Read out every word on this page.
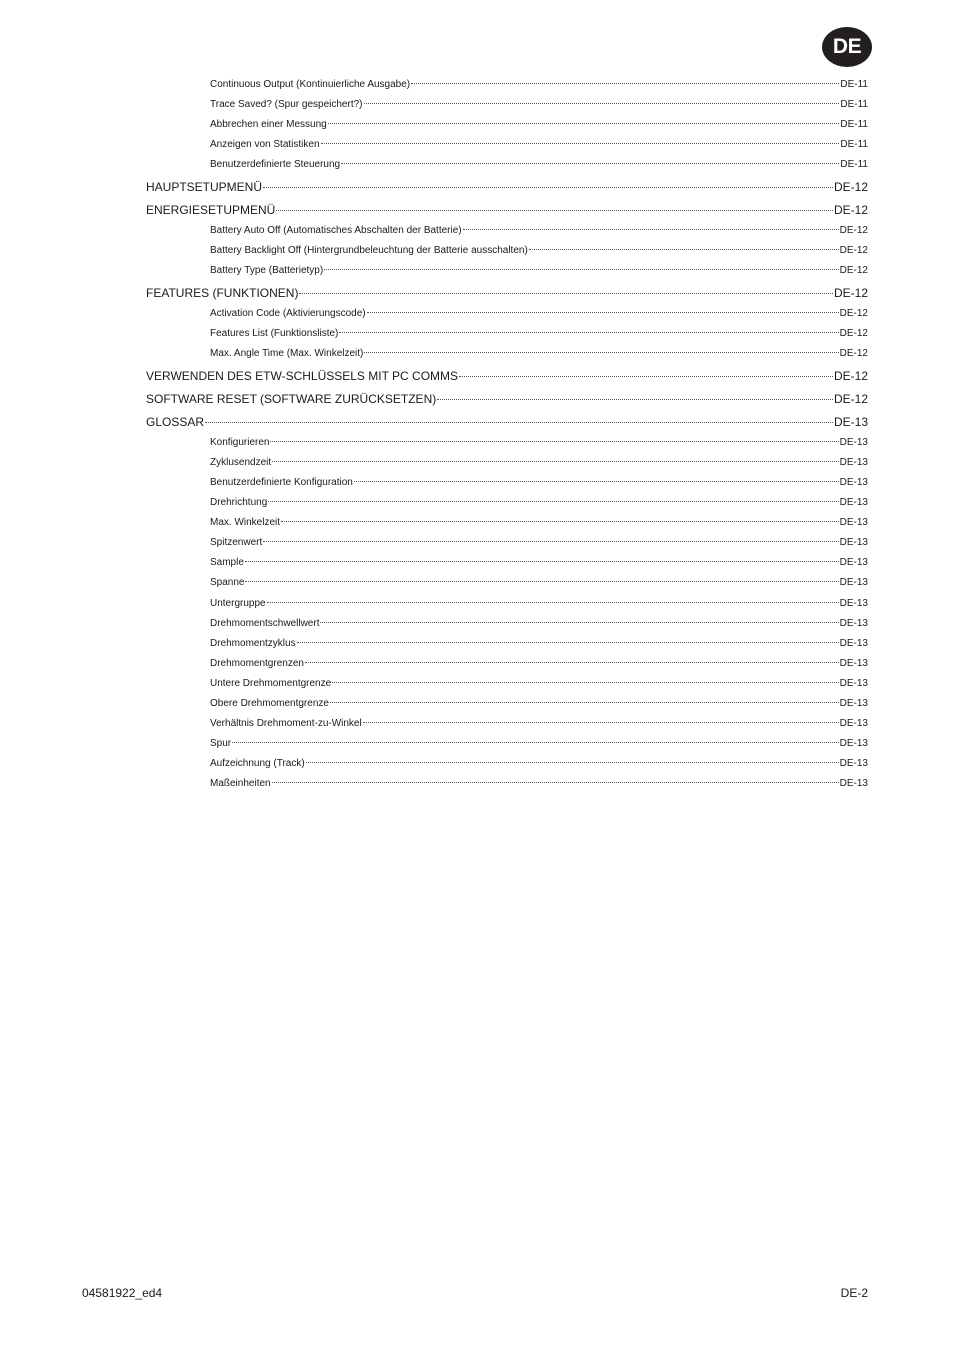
DE
Continuous Output (Kontinuierliche Ausgabe)	DE-11
Trace Saved? (Spur gespeichert?)	DE-11
Abbrechen einer Messung	DE-11
Anzeigen von Statistiken	DE-11
Benutzerdefinierte Steuerung	DE-11
HAUPTSETUPMENÜ	DE-12
ENERGIESETUPMENÜ	DE-12
Battery Auto Off (Automatisches Abschalten der Batterie)	DE-12
Battery Backlight Off (Hintergrundbeleuchtung der Batterie ausschalten)	DE-12
Battery Type (Batterietyp)	DE-12
FEATURES (FUNKTIONEN)	DE-12
Activation Code (Aktivierungscode)	DE-12
Features List (Funktionsliste)	DE-12
Max. Angle Time (Max. Winkelzeit)	DE-12
VERWENDEN DES ETW-SCHLÜSSELS MIT PC COMMS	DE-12
SOFTWARE RESET (SOFTWARE ZURÜCKSETZEN)	DE-12
GLOSSAR	DE-13
Konfigurieren	DE-13
Zyklusendzeit	DE-13
Benutzerdefinierte Konfiguration	DE-13
Drehrichtung	DE-13
Max. Winkelzeit	DE-13
Spitzenwert	DE-13
Sample	DE-13
Spanne	DE-13
Untergruppe	DE-13
Drehmomentschwellwert	DE-13
Drehmomentzyklus	DE-13
Drehmomentgrenzen	DE-13
Untere Drehmomentgrenze	DE-13
Obere Drehmomentgrenze	DE-13
Verhältnis Drehmoment-zu-Winkel	DE-13
Spur	DE-13
Aufzeichnung (Track)	DE-13
Maßeinheiten	DE-13
04581922_ed4	DE-2
